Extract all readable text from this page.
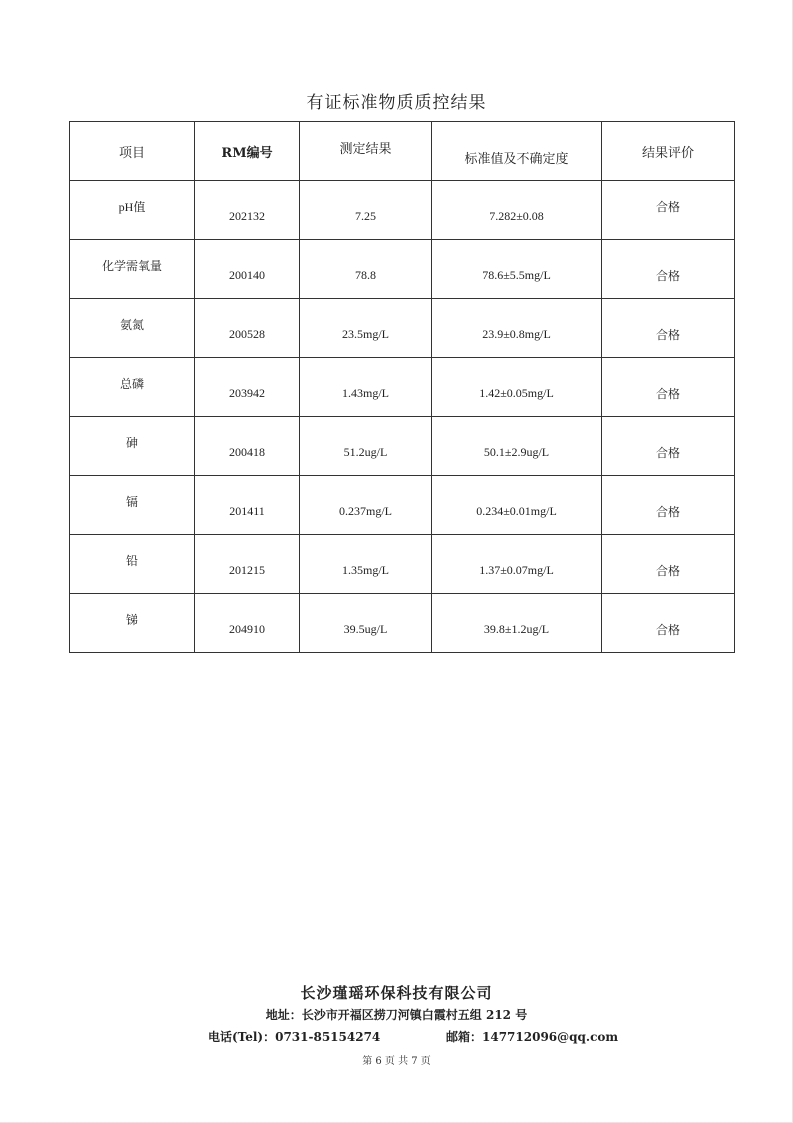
有证标准物质质控结果
项目	RM编号	测定结果	标准值及不确定度	结果评价
pH值	202132	7.25	7.282±0.08	合格
化学需氧量	200140	78.8	78.6±5.5mg/L	合格
氨氮	200528	23.5mg/L	23.9±0.8mg/L	合格
总磷	203942	1.43mg/L	1.42±0.05mg/L	合格
砷	200418	51.2ug/L	50.1±2.9ug/L	合格
镉	201411	0.237mg/L	0.234±0.01mg/L	合格
铅	201215	1.35mg/L	1.37±0.07mg/L	合格
锑	204910	39.5ug/L	39.8±1.2ug/L	合格
长沙瑾瑶环保科技有限公司
地址：长沙市开福区捞刀河镇白霞村五组 212 号
电话(Tel)：0731-85154274	邮箱：147712096@qq.com
第 6 页 共 7 页
